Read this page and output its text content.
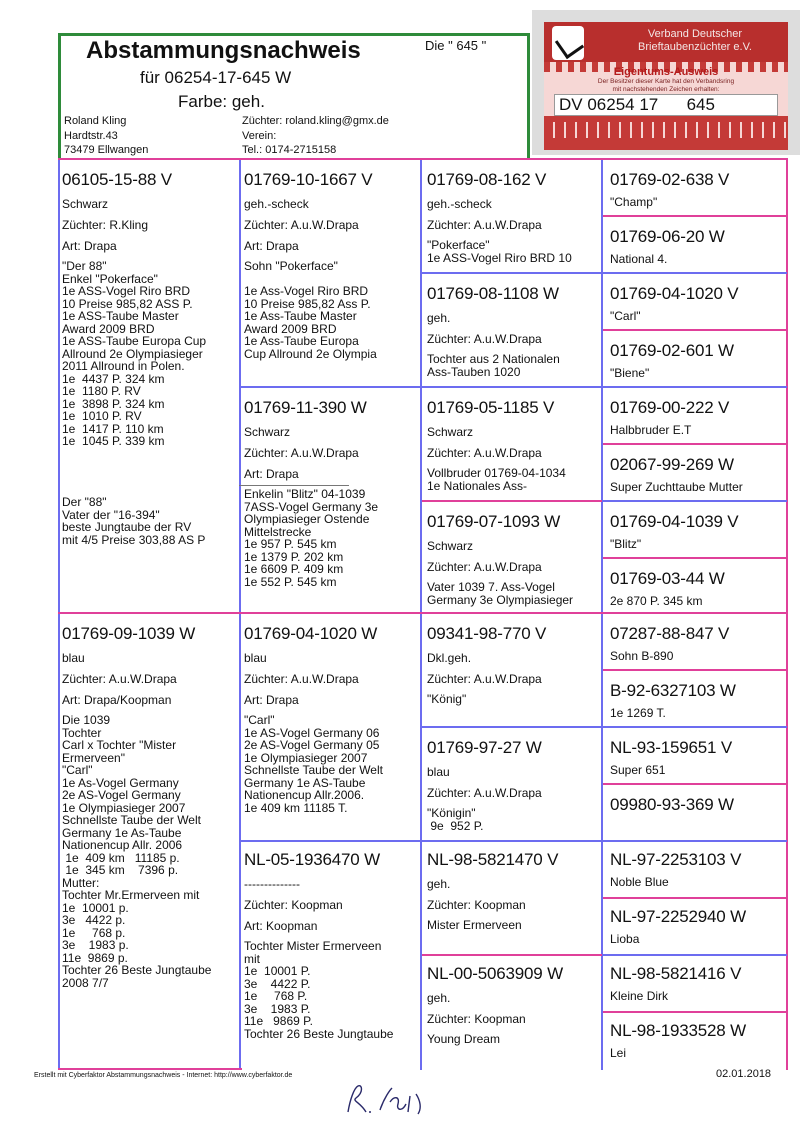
Abstammungsnachweis	Die " 645 "
für 06254-17-645 W
Farbe: geh.
Roland Kling
Hardtstr.43
73479 Ellwangen
Züchter: roland.kling@gmx.de
Verein:
Tel.: 0174-2715158
Verband Deutscher
Brieftaubenzüchter e.V.
Eigentums-Ausweis
Der Besitzer dieser Karte hat den Verbandsring
mit nachstehenden Zeichen erhalten:
DV 06254 17      645
06105-15-88 V
Schwarz
Züchter: R.Kling
Art: Drapa
"Der 88"
Enkel "Pokerface"
1e ASS-Vogel Riro BRD
10 Preise 985,82 ASS P.
1e ASS-Taube Master
Award 2009 BRD
1e ASS-Taube Europa Cup
Allround 2e Olympiasieger
2011 Allround in Polen.
1e  4437 P. 324 km
1e  1180 P. RV
1e  3898 P. 324 km
1e  1010 P. RV
1e  1417 P. 110 km
1e  1045 P. 339 km
Der "88"
Vater der "16-394"
beste Jungtaube der RV
mit 4/5 Preise 303,88 AS P
01769-09-1039 W
blau
Züchter: A.u.W.Drapa
Art: Drapa/Koopman
Die 1039
Tochter
Carl x Tochter "Mister
Ermerveen"
"Carl"
1e As-Vogel Germany
2e AS-Vogel Germany
1e Olympiasieger 2007
Schnellste Taube der Welt
Germany 1e As-Taube
Nationencup Allr. 2006
1e  409 km   11185 p.
1e  345 km    7396 p.
Mutter:
Tochter Mr.Ermerveen mit
1e  10001 p.
3e   4422 p.
1e     768 p.
3e    1983 p.
11e  9869 p.
Tochter 26 Beste Jungtaube
2008 7/7
01769-10-1667 V
geh.-scheck
Züchter: A.u.W.Drapa
Art: Drapa
Sohn "Pokerface"

1e Ass-Vogel Riro BRD
10 Preise 985,82 Ass P.
1e Ass-Taube Master
Award 2009 BRD
1e Ass-Taube Europa
Cup Allround 2e Olympia
01769-11-390 W
Schwarz
Züchter: A.u.W.Drapa
Art: Drapa
Enkelin "Blitz" 04-1039
7ASS-Vogel Germany 3e
Olympiasieger Ostende
Mittelstrecke
1e 957 P. 545 km
1e 1379 P. 202 km
1e 6609 P. 409 km
1e 552 P. 545 km
01769-04-1020 W
blau
Züchter: A.u.W.Drapa
Art: Drapa
"Carl"
1e AS-Vogel Germany 06
2e AS-Vogel Germany 05
1e Olympiasieger 2007
Schnellste Taube der Welt
Germany 1e AS-Taube
Nationencup Allr.2006.
1e 409 km 11185 T.
NL-05-1936470 W
--------------
Züchter: Koopman
Art: Koopman
Tochter Mister Ermerveen
mit
1e  10001 P.
3e    4422 P.
1e     768 P.
3e    1983 P.
11e   9869 P.
Tochter 26 Beste Jungtaube
01769-08-162 V
geh.-scheck
Züchter: A.u.W.Drapa
"Pokerface"
1e ASS-Vogel Riro BRD 10
01769-08-1108 W
geh.
Züchter: A.u.W.Drapa
Tochter aus 2 Nationalen
Ass-Tauben 1020
01769-05-1185 V
Schwarz
Züchter: A.u.W.Drapa
Vollbruder 01769-04-1034
1e Nationales Ass-
01769-07-1093 W
Schwarz
Züchter: A.u.W.Drapa
Vater 1039 7. Ass-Vogel
Germany 3e Olympiasieger
09341-98-770 V
Dkl.geh.
Züchter: A.u.W.Drapa
"König"
01769-97-27 W
blau
Züchter: A.u.W.Drapa
"Königin"
9e  952 P.
NL-98-5821470 V
geh.
Züchter: Koopman
Mister Ermerveen
NL-00-5063909 W
geh.
Züchter: Koopman
Young Dream
01769-02-638 V
"Champ"
01769-06-20 W
National 4.
01769-04-1020 V
"Carl"
01769-02-601 W
"Biene"
01769-00-222 V
Halbbruder E.T
02067-99-269 W
Super Zuchttaube Mutter
01769-04-1039 V
"Blitz"
01769-03-44 W
2e 870 P. 345 km
07287-88-847 V
Sohn B-890
B-92-6327103 W
1e 1269 T.
NL-93-159651 V
Super 651
09980-93-369 W
NL-97-2253103 V
Noble Blue
NL-97-2252940 W
Lioba
NL-98-5821416 V
Kleine Dirk
NL-98-1933528 W
Lei
Erstellt mit Cyberfaktor Abstammungsnachweis - Internet: http://www.cyberfaktor.de	02.01.2018
